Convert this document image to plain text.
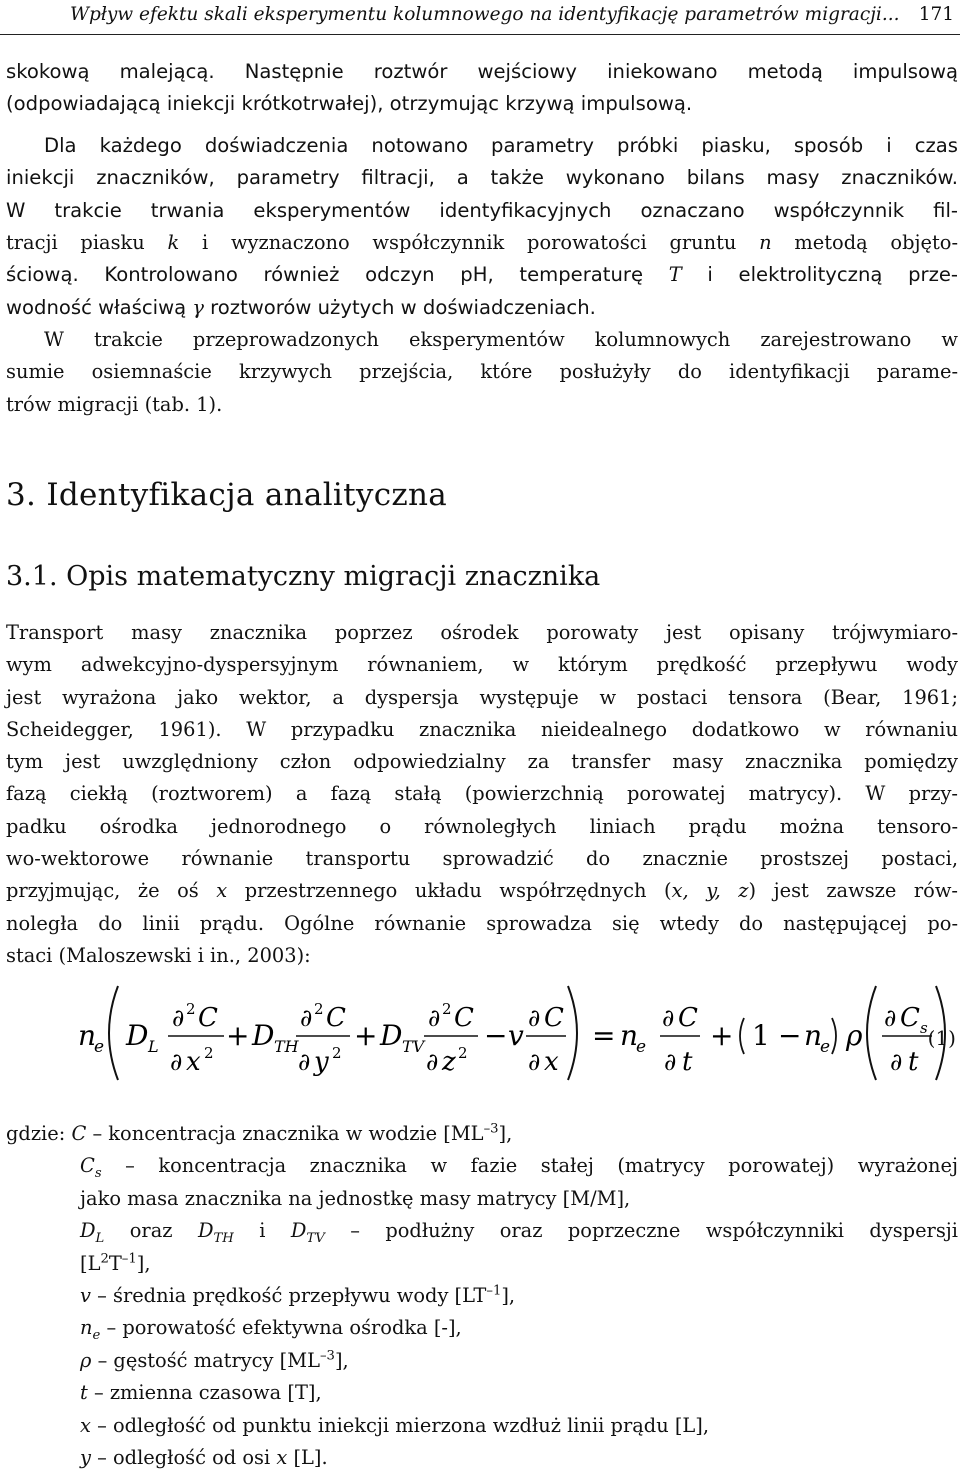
Wpływ efektu skali eksperymentu kolumnowego na identyfikację parametrów migracji... 171

skokową malejącą. Następnie roztwór wejściowy iniekowano metodą impulsową
(odpowiadającą iniekcji krótkotrwałej), otrzymując krzywą impulsową.

Dla każdego doświadczenia notowano parametry próbki piasku, sposób i czas
iniekcji znaczników, parametry filtracji, a także wykonano bilans masy znaczników.
W trakcie trwania eksperymentów identyfikacyjnych oznaczano współczynnik fil-

tracji piasku k i wyznaczono współczynnik porowatości gruntu n metodą objęto-
ściową. Kontrolowano również odczyn pH, temperaturę T i elektrolityczną prze-
wodność właściwą γ roztworów użytych w doświadczeniach.

W trakcie przeprowadzonych eksperymentów kolumnowych zarejestrowano w
sumie osiemnaście krzywych przejścia, które posłużyły do identyfikacji parame-
trów migracji (tab. 1).

3. Identyfikacja analityczna
3.1. Opis matematyczny migracji znacznika

Transport masy znacznika poprzez ośrodek porowaty jest opisany trójwymiaro-
wym adwekcyjno-dyspersyjnym równaniem, w którym prędkość przepływu wody
jest wyrażona jako wektor, a dyspersja występuje w postaci tensora (Bear, 1961;
Scheidegger, 1961). W przypadku znacznika nieidealnego dodatkowo w równaniu
tym jest uwzględniony człon odpowiedzialny za transfer masy znacznika pomiędzy
fazą ciekłą (roztworem) a fazą stałą (powierzchnią porowatej matrycy). W przy-
padku ośrodka jednorodnego o równoległych liniach prądu można tensoro-
wo-wektorowe równanie transportu sprowadzić do znacznie prostszej postaci,
przyjmując, że oś x przestrzennego układu współrzędnych (x, y, z) jest zawsze rów-
noległa do linii prądu. Ogólne równanie sprowadza się wtedy do następującej po-
staci (Maloszewski i in., 2003):

n
e D L
∂ 2 C
∂ x 2
+ D TH
∂ 2 C
∂ y 2
+ D TV
∂ 2 C
∂ z 2
− v
∂ C
∂ x
= n
e
∂ C
∂ t
+ 1 − n
e ρ
∂ C s
∂ t
gdzie: C – koncentracja znacznika w wodzie $[ML^{-3}]$,
$C_s$ – koncentracja znacznika w fazie stałej (matrycy porowatej) wyrażonej
jako masa znacznika na jednostkę masy matrycy [M/M],
$D_L$ oraz $D_{TH}$ i $D_{TV}$ – podłużny oraz poprzeczne współczynniki dyspersji
$[L^2T^{-1}]$,
v – średnia prędkość przepływu wody $[LT^{-1}]$,
$n_e$ – porowatość efektywna ośrodka [-],
ρ – gęstość matrycy $[ML^{-3}]$,
t – zmienna czasowa [T],
x – odległość od punktu iniekcji mierzona wzdłuż linii prądu [L],
y – odległość od osi x [L].
(1)
